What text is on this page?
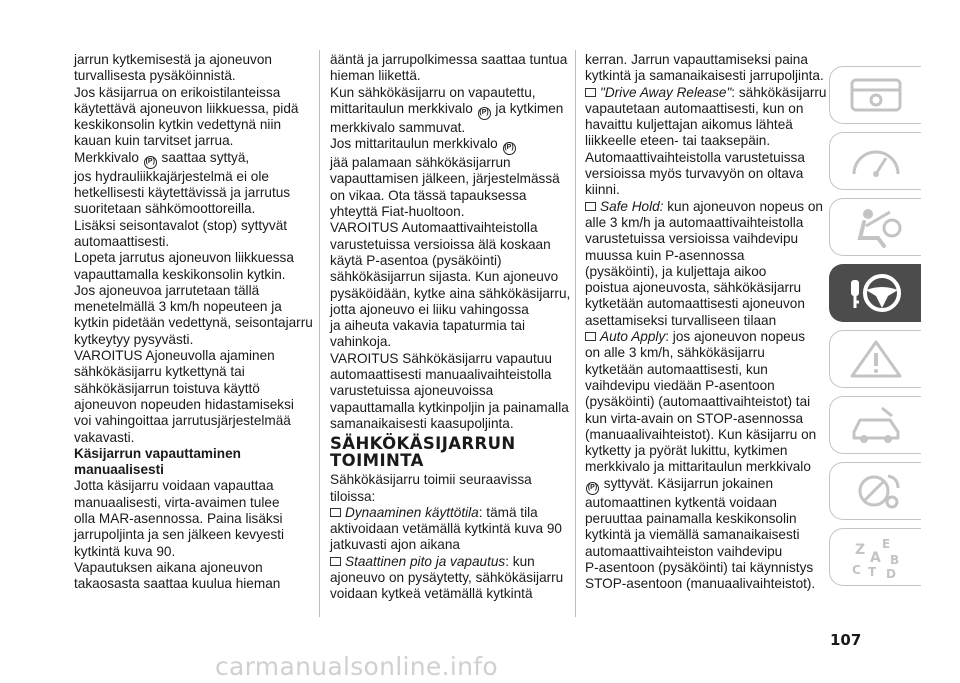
jarrun kytkemisestä ja ajoneuvon
turvallisesta pysäköinnistä.
Jos käsijarrua on erikoistilanteissa
käytettävä ajoneuvon liikkuessa, pidä
keskikonsolin kytkin vedettynä niin
kauan kuin tarvitset jarrua.
Merkkivalo (P) saattaa syttyä,
jos hydrauliikkajärjestelmä ei ole
hetkellisesti käytettävissä ja jarrutus
suoritetaan sähkömoottoreilla.
Lisäksi seisontavalot (stop) syttyvät
automaattisesti.
Lopeta jarrutus ajoneuvon liikkuessa
vapauttamalla keskikonsolin kytkin.
Jos ajoneuvoa jarrutetaan tällä
menetelmällä 3 km/h nopeuteen ja
kytkin pidetään vedettynä, seisontajarru
kytkeytyy pysyvästi.
VAROITUS Ajoneuvolla ajaminen
sähkökäsijarru kytkettynä tai
sähkökäsijarrun toistuva käyttö
ajoneuvon nopeuden hidastamiseksi
voi vahingoittaa jarrutusjärjestelmää
vakavasti.
Käsijarrun vapauttaminen
manuaalisesti
Jotta käsijarru voidaan vapauttaa
manuaalisesti, virta-avaimen tulee
olla MAR-asennossa. Paina lisäksi
jarrupoljinta ja sen jälkeen kevyesti
kytkintä kuva 90.
Vapautuksen aikana ajoneuvon
takaosasta saattaa kuulua hieman
ääntä ja jarrupolkimessa saattaa tuntua
hieman liikettä.
Kun sähkökäsijarru on vapautettu,
mittaritaulun merkkivalo (P) ja kytkimen
merkkivalo sammuvat.
Jos mittaritaulun merkkivalo (P)
jää palamaan sähkökäsijarrun
vapauttamisen jälkeen, järjestelmässä
on vikaa. Ota tässä tapauksessa
yhteyttä Fiat-huoltoon.
VAROITUS Automaattivaihteistolla
varustetuissa versioissa älä koskaan
käytä P-asentoa (pysäköinti)
sähkökäsijarrun sijasta. Kun ajoneuvo
pysäköidään, kytke aina sähkökäsijarru,
jotta ajoneuvo ei liiku vahingossa
ja aiheuta vakavia tapaturmia tai
vahinkoja.
VAROITUS Sähkökäsijarru vapautuu
automaattisesti manuaalivaihteistolla
varustetuissa ajoneuvoissa
vapauttamalla kytkinpoljin ja painamalla
samanaikaisesti kaasupoljinta.
SÄHKÖKÄSIJARRUN
TOIMINTA
Sähkökäsijarru toimii seuraavissa
tiloissa:
Dynaaminen käyttötila: tämä tila
aktivoidaan vetämällä kytkintä kuva 90
jatkuvasti ajon aikana
Staattinen pito ja vapautus: kun
ajoneuvo on pysäytetty, sähkökäsijarru
voidaan kytkeä vetämällä kytkintä
kerran. Jarrun vapauttamiseksi paina
kytkintä ja samanaikaisesti jarrupoljinta.
"Drive Away Release": sähkökäsijarru
vapautetaan automaattisesti, kun on
havaittu kuljettajan aikomus lähteä
liikkeelle eteen- tai taaksepäin.
Automaattivaihteistolla varustetuissa
versioissa myös turvavyön on oltava
kiinni.
Safe Hold: kun ajoneuvon nopeus on
alle 3 km/h ja automaattivaihteistolla
varustetuissa versioissa vaihdevipu
muussa kuin P-asennossa
(pysäköinti), ja kuljettaja aikoo
poistua ajoneuvosta, sähkökäsijarru
kytketään automaattisesti ajoneuvon
asettamiseksi turvalliseen tilaan
Auto Apply: jos ajoneuvon nopeus
on alle 3 km/h, sähkökäsijarru
kytketään automaattisesti, kun
vaihdevipu viedään P-asentoon
(pysäköinti) (automaattivaihteistot) tai
kun virta-avain on STOP-asennossa
(manuaalivaihteistot). Kun käsijarru on
kytketty ja pyörät lukittu, kytkimen
merkkivalo ja mittaritaulun merkkivalo
(P) syttyvät. Käsijarrun jokainen
automaattinen kytkentä voidaan
peruuttaa painamalla keskikonsolin
kytkintä ja viemällä samanaikaisesti
automaattivaihteiston vaihdevipu
P-asentoon (pysäköinti) tai käynnistys
STOP-asentoon (manuaalivaihteistot).
Z E
A B
C T D
107
carmanualsonline.info
